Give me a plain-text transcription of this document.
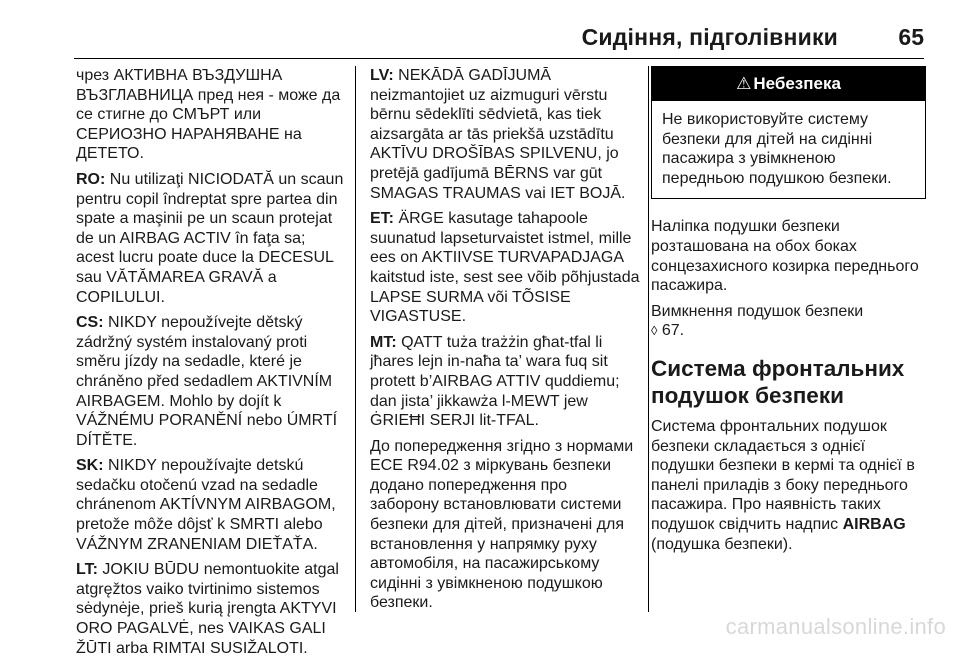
Сидіння, підголівники	65

чрез АКТИВНА ВЪЗДУШНА ВЪЗГЛАВНИЦА пред нея - може да се стигне до СМЪРТ или СЕРИОЗНО НАРАНЯВАНЕ на ДЕТЕТО.

RO: Nu utilizaţi NICIODATĂ un scaun pentru copil îndreptat spre partea din spate a maşinii pe un scaun protejat de un AIRBAG ACTIV în faţa sa; acest lucru poate duce la DECESUL sau VĂTĂMAREA GRAVĂ a COPILULUI.

CS: NIKDY nepoužívejte dětský zádržný systém instalovaný proti směru jízdy na sedadle, které je chráněno před sedadlem AKTIVNÍM AIRBAGEM. Mohlo by dojít k VÁŽNÉMU PORANĚNÍ nebo ÚMRTÍ DÍTĚTE.

SK: NIKDY nepoužívajte detskú sedačku otočenú vzad na sedadle chránenom AKTÍVNYM AIRBAGOM, pretože môže dôjsť k SMRTI alebo VÁŽNYM ZRANENIAM DIEŤAŤA.

LT: JOKIU BŪDU nemontuokite atgal atgręžtos vaiko tvirtinimo sistemos sėdynėje, prieš kurią įrengta AKTYVI ORO PAGALVĖ, nes VAIKAS GALI ŽŪTI arba RIMTAI SUSIŽALOTI.

LV: NEKĀDĀ GADĪJUMĀ neizmantojiet uz aizmuguri vērstu bērnu sēdeklīti sēdvietā, kas tiek aizsargāta ar tās priekšā uzstādītu AKTĪVU DROŠĪBAS SPILVENU, jo pretējā gadījumā BĒRNS var gūt SMAGAS TRAUMAS vai IET BOJĀ.

ET: ÄRGE kasutage tahapoole suunatud lapseturvaistet istmel, mille ees on AKTIIVSE TURVAPADJAGA kaitstud iste, sest see võib põhjustada LAPSE SURMA või TÕSISE VIGASTUSE.

MT: QATT tuża trażżin għat-tfal li jħares lejn in-naħa ta’ wara fuq sit protett b’AIRBAG ATTIV quddiemu; dan jista’ jikkawża l-MEWT jew ĠRIEĦI SERJI lit-TFAL.

До попередження згідно з нормами ECE R94.02 з міркувань безпеки додано попередження про заборону встановлювати системи безпеки для дітей, призначені для встановлення у напрямку руху автомобіля, на пасажирському сидінні з увімкненою подушкою безпеки.

⚠ Небезпека
Не використовуйте систему безпеки для дітей на сидінні пасажира з увімкненою передньою подушкою безпеки.

Наліпка подушки безпеки розташована на обох боках сонцезахисного козирка переднього пасажира.

Вимкнення подушок безпеки
◊ 67.

Система фронтальних подушок безпеки

Система фронтальних подушок безпеки складається з однієї подушки безпеки в кермі та однієї в панелі приладів з боку переднього пасажира. Про наявність таких подушок свідчить надпис AIRBAG (подушка безпеки).

carmanualsonline.info
